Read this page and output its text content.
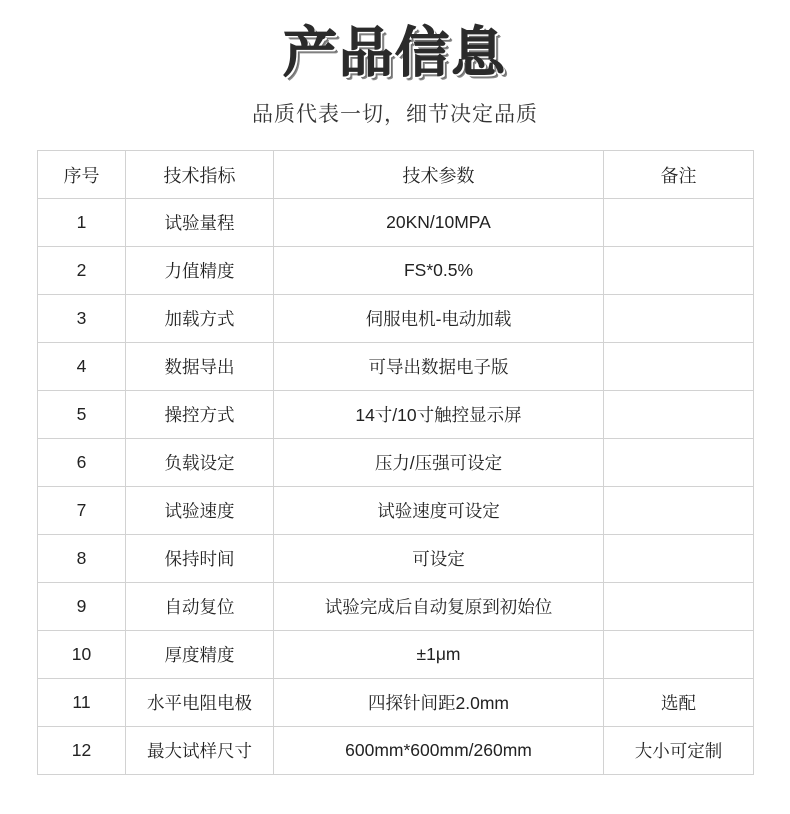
产品信息
品质代表一切，细节决定品质
序号	技术指标	技术参数	备注
1	试验量程	20KN/10MPA	
2	力值精度	FS*0.5%	
3	加载方式	伺服电机-电动加载	
4	数据导出	可导出数据电子版	
5	操控方式	14寸/10寸触控显示屏	
6	负载设定	压力/压强可设定	
7	试验速度	试验速度可设定	
8	保持时间	可设定	
9	自动复位	试验完成后自动复原到初始位	
10	厚度精度	±1μm	
11	水平电阻电极	四探针间距2.0mm	选配
12	最大试样尺寸	600mm*600mm/260mm	大小可定制
